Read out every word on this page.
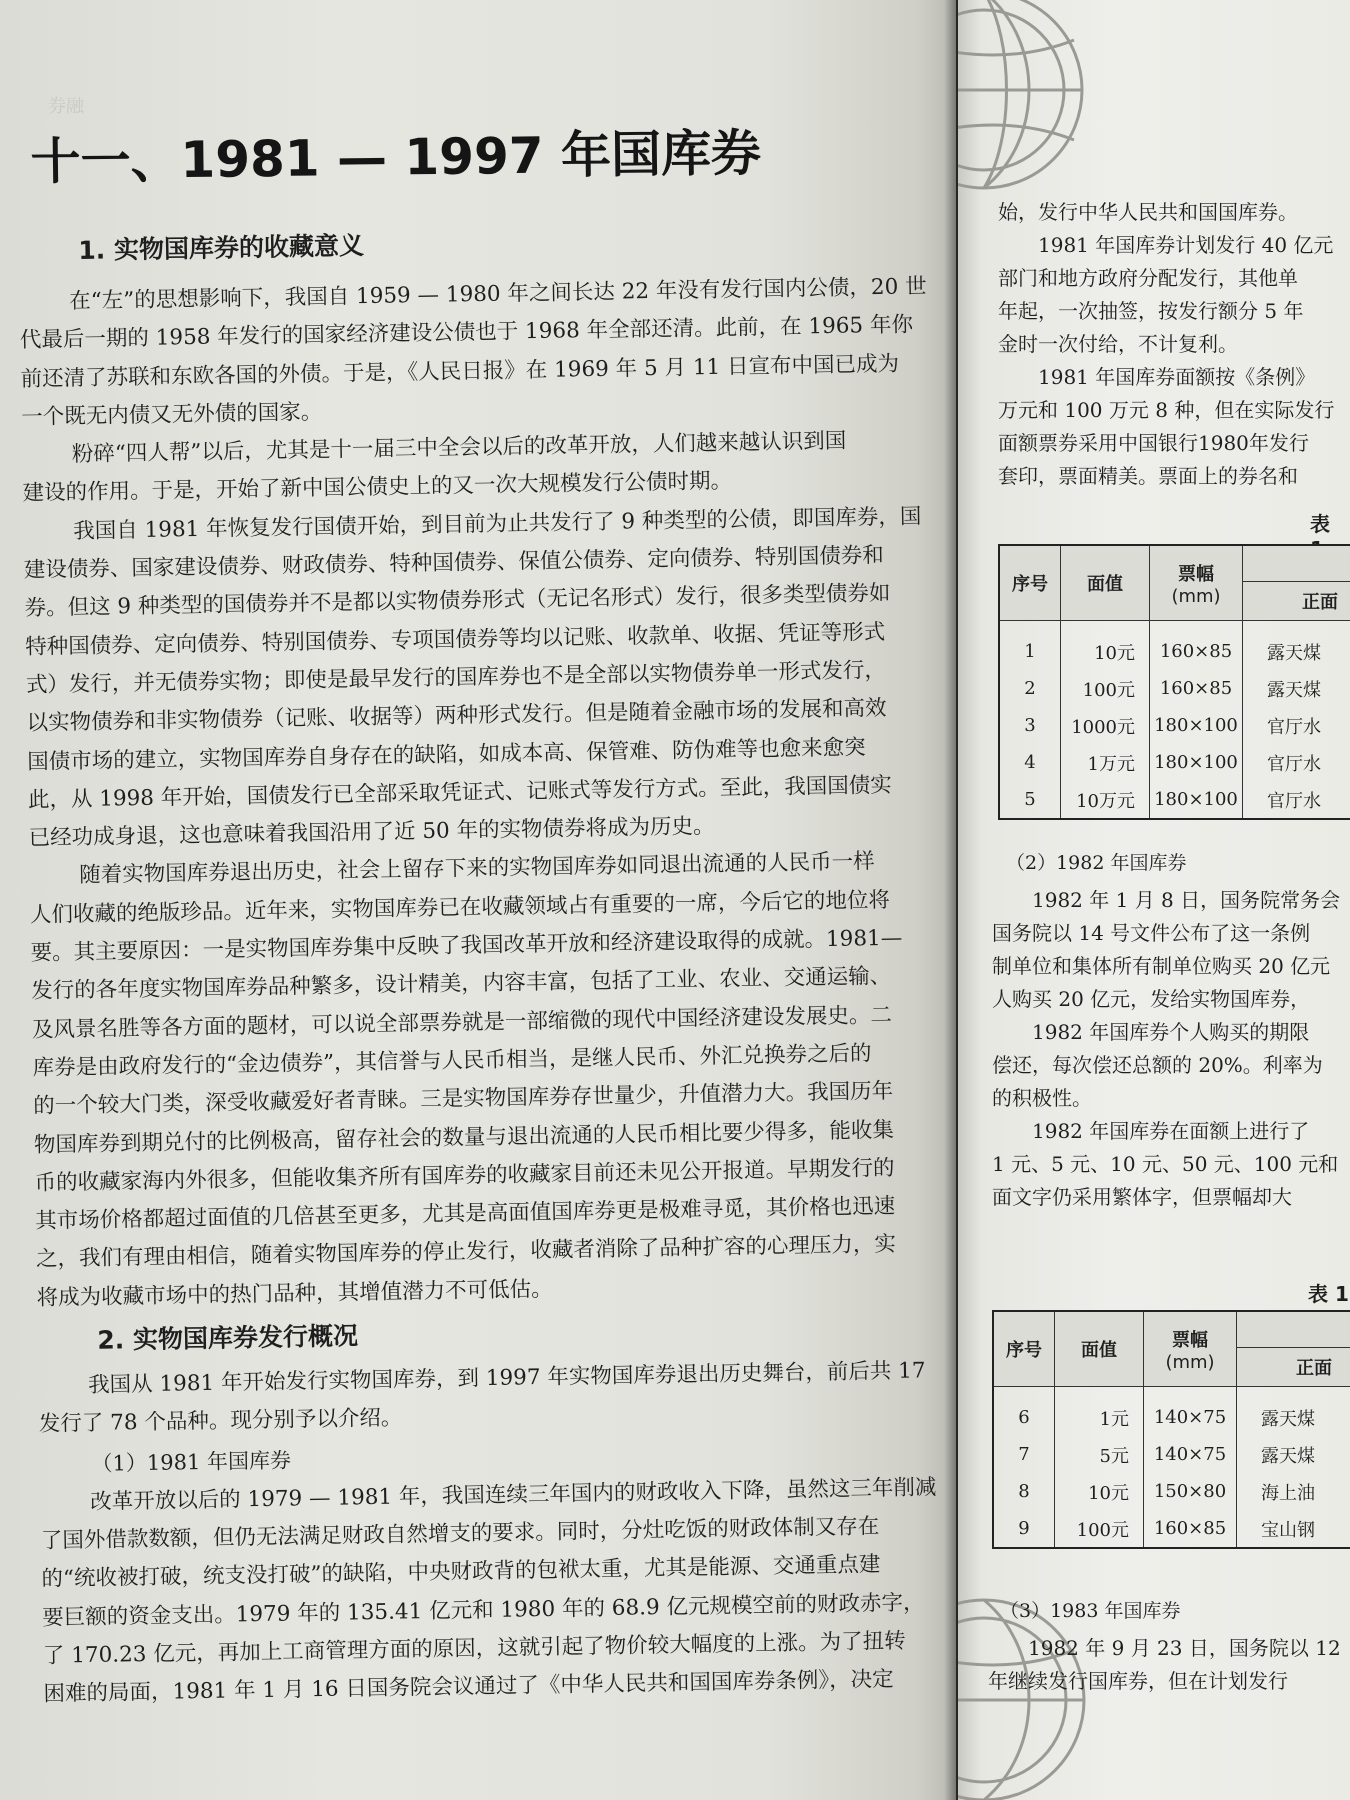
券融
十一、1981 — 1997 年国库券
1. 实物国库券的收藏意义

在“左”的思想影响下，我国自 1959 — 1980 年之间长达 22 年没有发行国内公债，20 世
代最后一期的 1958 年发行的国家经济建设公债也于 1968 年全部还清。此前，在 1965 年你
前还清了苏联和东欧各国的外债。于是，《人民日报》在 1969 年 5 月 11 日宣布中国已成为
一个既无内债又无外债的国家。

粉碎“四人帮”以后，尤其是十一届三中全会以后的改革开放，人们越来越认识到国
建设的作用。于是，开始了新中国公债史上的又一次大规模发行公债时期。

我国自 1981 年恢复发行国债开始，到目前为止共发行了 9 种类型的公债，即国库券，国
建设债券、国家建设债券、财政债券、特种国债券、保值公债券、定向债券、特别国债券和
券。但这 9 种类型的国债券并不是都以实物债券形式（无记名形式）发行，很多类型债券如
特种国债券、定向债券、特别国债券、专项国债券等均以记账、收款单、收据、凭证等形式
式）发行，并无债券实物；即使是最早发行的国库券也不是全部以实物债券单一形式发行，
以实物债券和非实物债券（记账、收据等）两种形式发行。但是随着金融市场的发展和高效
国债市场的建立，实物国库券自身存在的缺陷，如成本高、保管难、防伪难等也愈来愈突
此，从 1998 年开始，国债发行已全部采取凭证式、记账式等发行方式。至此，我国国债实
已经功成身退，这也意味着我国沿用了近 50 年的实物债券将成为历史。

随着实物国库券退出历史，社会上留存下来的实物国库券如同退出流通的人民币一样
人们收藏的绝版珍品。近年来，实物国库券已在收藏领域占有重要的一席，今后它的地位将
要。其主要原因：一是实物国库券集中反映了我国改革开放和经济建设取得的成就。1981—
发行的各年度实物国库券品种繁多，设计精美，内容丰富，包括了工业、农业、交通运输、
及风景名胜等各方面的题材，可以说全部票券就是一部缩微的现代中国经济建设发展史。二
库券是由政府发行的“金边债券”，其信誉与人民币相当，是继人民币、外汇兑换券之后的
的一个较大门类，深受收藏爱好者青睐。三是实物国库券存世量少，升值潜力大。我国历年
物国库券到期兑付的比例极高，留存社会的数量与退出流通的人民币相比要少得多，能收集
币的收藏家海内外很多，但能收集齐所有国库券的收藏家目前还未见公开报道。早期发行的
其市场价格都超过面值的几倍甚至更多，尤其是高面值国库券更是极难寻觅，其价格也迅速
之，我们有理由相信，随着实物国库券的停止发行，收藏者消除了品种扩容的心理压力，实
将成为收藏市场中的热门品种，其增值潜力不可低估。

2. 实物国库券发行概况

我国从 1981 年开始发行实物国库券，到 1997 年实物国库券退出历史舞台，前后共 17
发行了 78 个品种。现分别予以介绍。

（1）1981 年国库券

改革开放以后的 1979 — 1981 年，我国连续三年国内的财政收入下降，虽然这三年削减
了国外借款数额，但仍无法满足财政自然增支的要求。同时，分灶吃饭的财政体制又存在
的“统收被打破，统支没打破”的缺陷，中央财政背的包袱太重，尤其是能源、交通重点建
要巨额的资金支出。1979 年的 135.41 亿元和 1980 年的 68.9 亿元规模空前的财政赤字，
了 170.23 亿元，再加上工商管理方面的原因，这就引起了物价较大幅度的上涨。为了扭转
困难的局面，1981 年 1 月 16 日国务院会议通过了《中华人民共和国国库券条例》，决定

始，发行中华人民共和国国库券。
1981 年国库券计划发行 40 亿元
部门和地方政府分配发行，其他单
年起，一次抽签，按发行额分 5 年
金时一次付给，不计复利。
1981 年国库券面额按《条例》
万元和 100 万元 8 种，但在实际发行
面额票券采用中国银行1980年发行
套印，票面精美。票面上的券名和
表
序号	面值	票幅
(mm)	

			正面
1	10元	160×85	露天煤
2	100元	160×85	露天煤
3	1000元	180×100	官厅水
4	1万元	180×100	官厅水
5	10万元	180×100	官厅水
（2）1982 年国库券
1982 年 1 月 8 日，国务院常务会
国务院以 14 号文件公布了这一条例
制单位和集体所有制单位购买 20 亿元
人购买 20 亿元，发给实物国库券，
1982 年国库券个人购买的期限
偿还，每次偿还总额的 20%。利率为
的积极性。
1982 年国库券在面额上进行了
1 元、5 元、10 元、50 元、100 元和
面文字仍采用繁体字，但票幅却大
表 1
序号	面值	票幅
(mm)	

			正面
6	1元	140×75	露天煤
7	5元	140×75	露天煤
8	10元	150×80	海上油
9	100元	160×85	宝山钢
（3）1983 年国库券
1982 年 9 月 23 日，国务院以 12
年继续发行国库券，但在计划发行
